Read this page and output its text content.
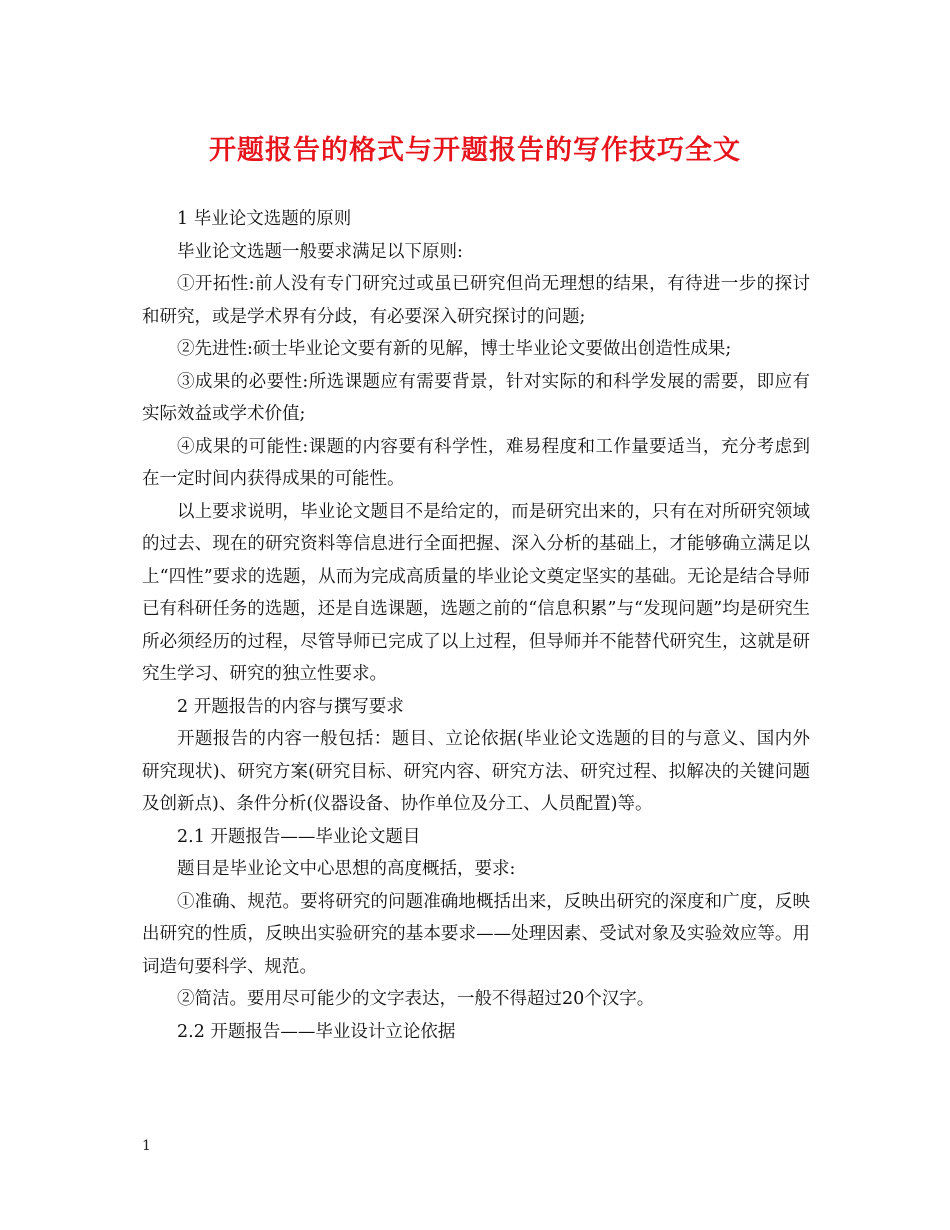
开题报告的格式与开题报告的写作技巧全文

1 毕业论文选题的原则

毕业论文选题一般要求满足以下原则:

①开拓性:前人没有专门研究过或虽已研究但尚无理想的结果，有待进一步的探讨和研究，或是学术界有分歧，有必要深入研究探讨的问题;

②先进性:硕士毕业论文要有新的见解，博士毕业论文要做出创造性成果;

③成果的必要性:所选课题应有需要背景，针对实际的和科学发展的需要，即应有实际效益或学术价值;

④成果的可能性:课题的内容要有科学性，难易程度和工作量要适当，充分考虑到在一定时间内获得成果的可能性。

以上要求说明，毕业论文题目不是给定的，而是研究出来的，只有在对所研究领域的过去、现在的研究资料等信息进行全面把握、深入分析的基础上，才能够确立满足以上“四性”要求的选题，从而为完成高质量的毕业论文奠定坚实的基础。无论是结合导师已有科研任务的选题，还是自选课题，选题之前的“信息积累”与“发现问题”均是研究生所必须经历的过程，尽管导师已完成了以上过程，但导师并不能替代研究生，这就是研究生学习、研究的独立性要求。

2 开题报告的内容与撰写要求

开题报告的内容一般包括：题目、立论依据(毕业论文选题的目的与意义、国内外研究现状)、研究方案(研究目标、研究内容、研究方法、研究过程、拟解决的关键问题及创新点)、条件分析(仪器设备、协作单位及分工、人员配置)等。

2.1 开题报告——毕业论文题目

题目是毕业论文中心思想的高度概括，要求:

①准确、规范。要将研究的问题准确地概括出来，反映出研究的深度和广度，反映出研究的性质，反映出实验研究的基本要求——处理因素、受试对象及实验效应等。用词造句要科学、规范。

②简洁。要用尽可能少的文字表达，一般不得超过20个汉字。

2.2 开题报告——毕业设计立论依据

1
